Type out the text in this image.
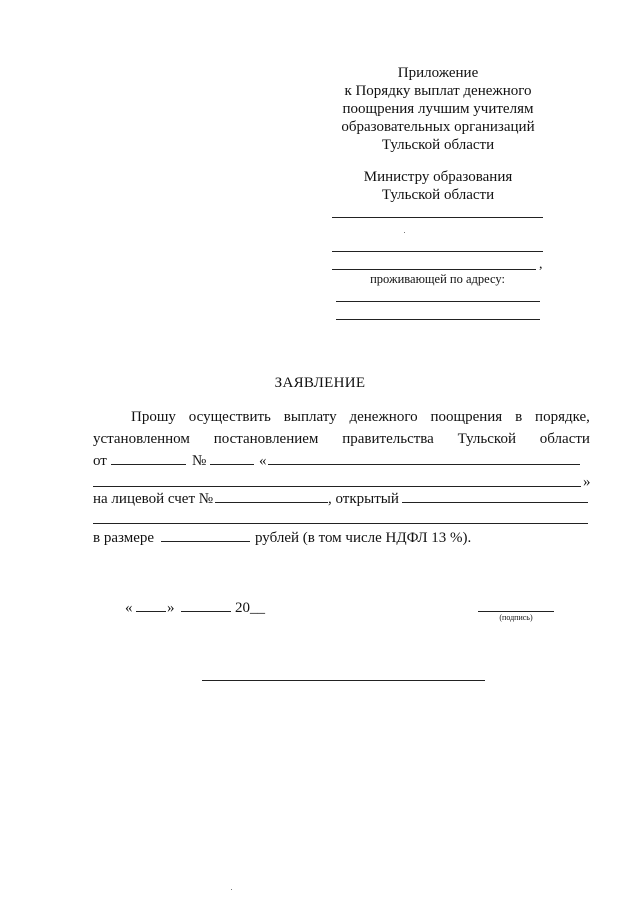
Приложение
к Порядку выплат денежного
поощрения лучшим учителям
образовательных организаций
Тульской области
Министру образования
Тульской области
,
проживающей по адресу:
ЗАЯВЛЕНИЕ
Прошу осуществить выплату денежного поощрения в порядке,
установленном постановлением правительства Тульской области
от	№	«
»
на лицевой счет №	, открытый
в размере	рублей (в том числе НДФЛ 13 %).
« »	20__
(подпись)
